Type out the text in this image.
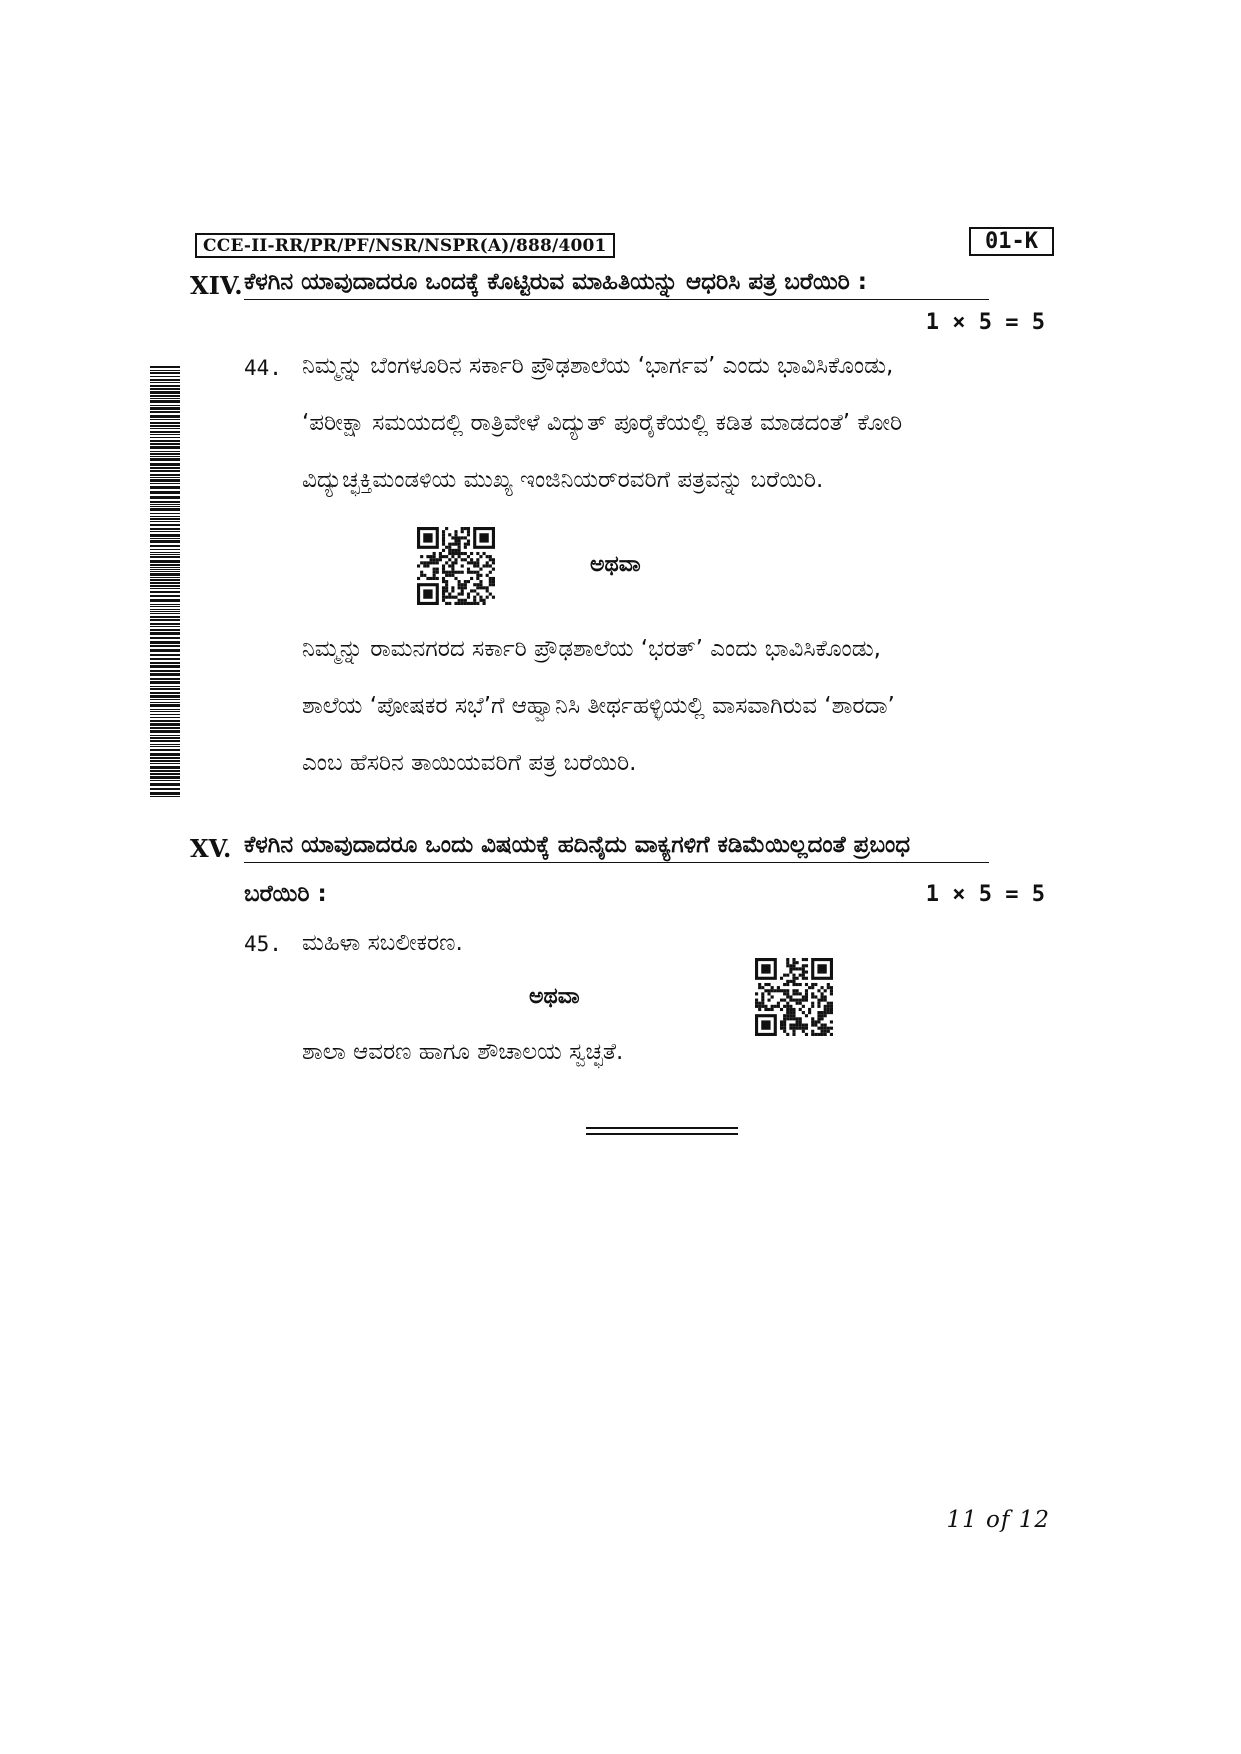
CCE-II-RR/PR/PF/NSR/NSPR(A)/888/4001	01-K
XIV. ಕೆಳಗಿನ ಯಾವುದಾದರೂ ಒಂದಕ್ಕೆ ಕೊಟ್ಟಿರುವ ಮಾಹಿತಿಯನ್ನು ಆಧರಿಸಿ ಪತ್ರ ಬರೆಯಿರಿ :
1 × 5 = 5
44. ನಿಮ್ಮನ್ನು ಬೆಂಗಳೂರಿನ ಸರ್ಕಾರಿ ಪ್ರೌಢಶಾಲೆಯ ‘ಭಾರ್ಗವ’ ಎಂದು ಭಾವಿಸಿಕೊಂಡು,
‘ಪರೀಕ್ಷಾ ಸಮಯದಲ್ಲಿ ರಾತ್ರಿವೇಳೆ ವಿದ್ಯುತ್ ಪೂರೈಕೆಯಲ್ಲಿ ಕಡಿತ ಮಾಡದಂತೆ’ ಕೋರಿ
ವಿದ್ಯುಚ್ಛಕ್ತಿಮಂಡಳಿಯ ಮುಖ್ಯ ಇಂಜಿನಿಯರ್‌ರವರಿಗೆ ಪತ್ರವನ್ನು ಬರೆಯಿರಿ.
ಅಥವಾ
ನಿಮ್ಮನ್ನು ರಾಮನಗರದ ಸರ್ಕಾರಿ ಪ್ರೌಢಶಾಲೆಯ ‘ಭರತ್’ ಎಂದು ಭಾವಿಸಿಕೊಂಡು,
ಶಾಲೆಯ ‘ಪೋಷಕರ ಸಭೆ’ಗೆ ಆಹ್ವಾನಿಸಿ ತೀರ್ಥಹಳ್ಳಿಯಲ್ಲಿ ವಾಸವಾಗಿರುವ ‘ಶಾರದಾ’
ಎಂಬ ಹೆಸರಿನ ತಾಯಿಯವರಿಗೆ ಪತ್ರ ಬರೆಯಿರಿ.
XV. ಕೆಳಗಿನ ಯಾವುದಾದರೂ ಒಂದು ವಿಷಯಕ್ಕೆ ಹದಿನೈದು ವಾಕ್ಯಗಳಿಗೆ ಕಡಿಮೆಯಿಲ್ಲದಂತೆ ಪ್ರಬಂಧ
ಬರೆಯಿರಿ :	1 × 5 = 5
45. ಮಹಿಳಾ ಸಬಲೀಕರಣ.
ಅಥವಾ
ಶಾಲಾ ಆವರಣ ಹಾಗೂ ಶೌಚಾಲಯ ಸ್ವಚ್ಛತೆ.
11 of 12
